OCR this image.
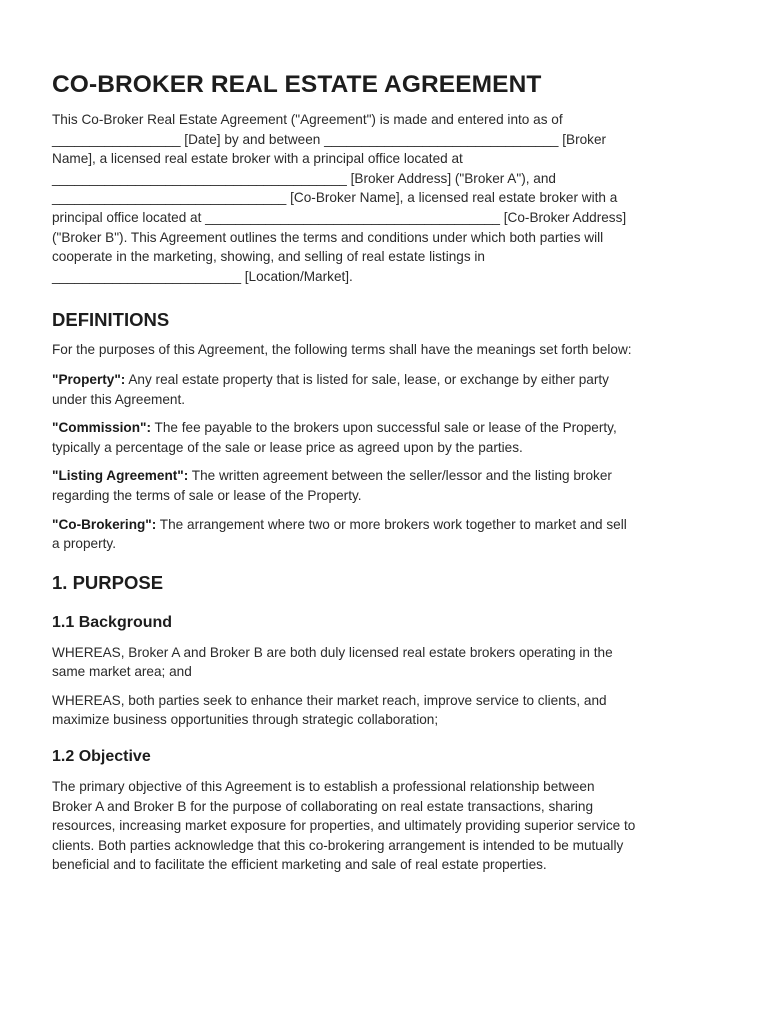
CO-BROKER REAL ESTATE AGREEMENT

This Co-Broker Real Estate Agreement ("Agreement") is made and entered into as of
_________________ [Date] by and between _______________________________ [Broker
Name], a licensed real estate broker with a principal office located at
_______________________________________ [Broker Address] ("Broker A"), and
_______________________________ [Co-Broker Name], a licensed real estate broker with a
principal office located at _______________________________________ [Co-Broker Address]
("Broker B"). This Agreement outlines the terms and conditions under which both parties will
cooperate in the marketing, showing, and selling of real estate listings in
_________________________ [Location/Market].

DEFINITIONS

For the purposes of this Agreement, the following terms shall have the meanings set forth below:

"Property": Any real estate property that is listed for sale, lease, or exchange by either party
under this Agreement.

"Commission": The fee payable to the brokers upon successful sale or lease of the Property,
typically a percentage of the sale or lease price as agreed upon by the parties.

"Listing Agreement": The written agreement between the seller/lessor and the listing broker
regarding the terms of sale or lease of the Property.

"Co-Brokering": The arrangement where two or more brokers work together to market and sell
a property.

1. PURPOSE
1.1 Background

WHEREAS, Broker A and Broker B are both duly licensed real estate brokers operating in the
same market area; and

WHEREAS, both parties seek to enhance their market reach, improve service to clients, and
maximize business opportunities through strategic collaboration;

1.2 Objective

The primary objective of this Agreement is to establish a professional relationship between
Broker A and Broker B for the purpose of collaborating on real estate transactions, sharing
resources, increasing market exposure for properties, and ultimately providing superior service to
clients. Both parties acknowledge that this co-brokering arrangement is intended to be mutually
beneficial and to facilitate the efficient marketing and sale of real estate properties.
